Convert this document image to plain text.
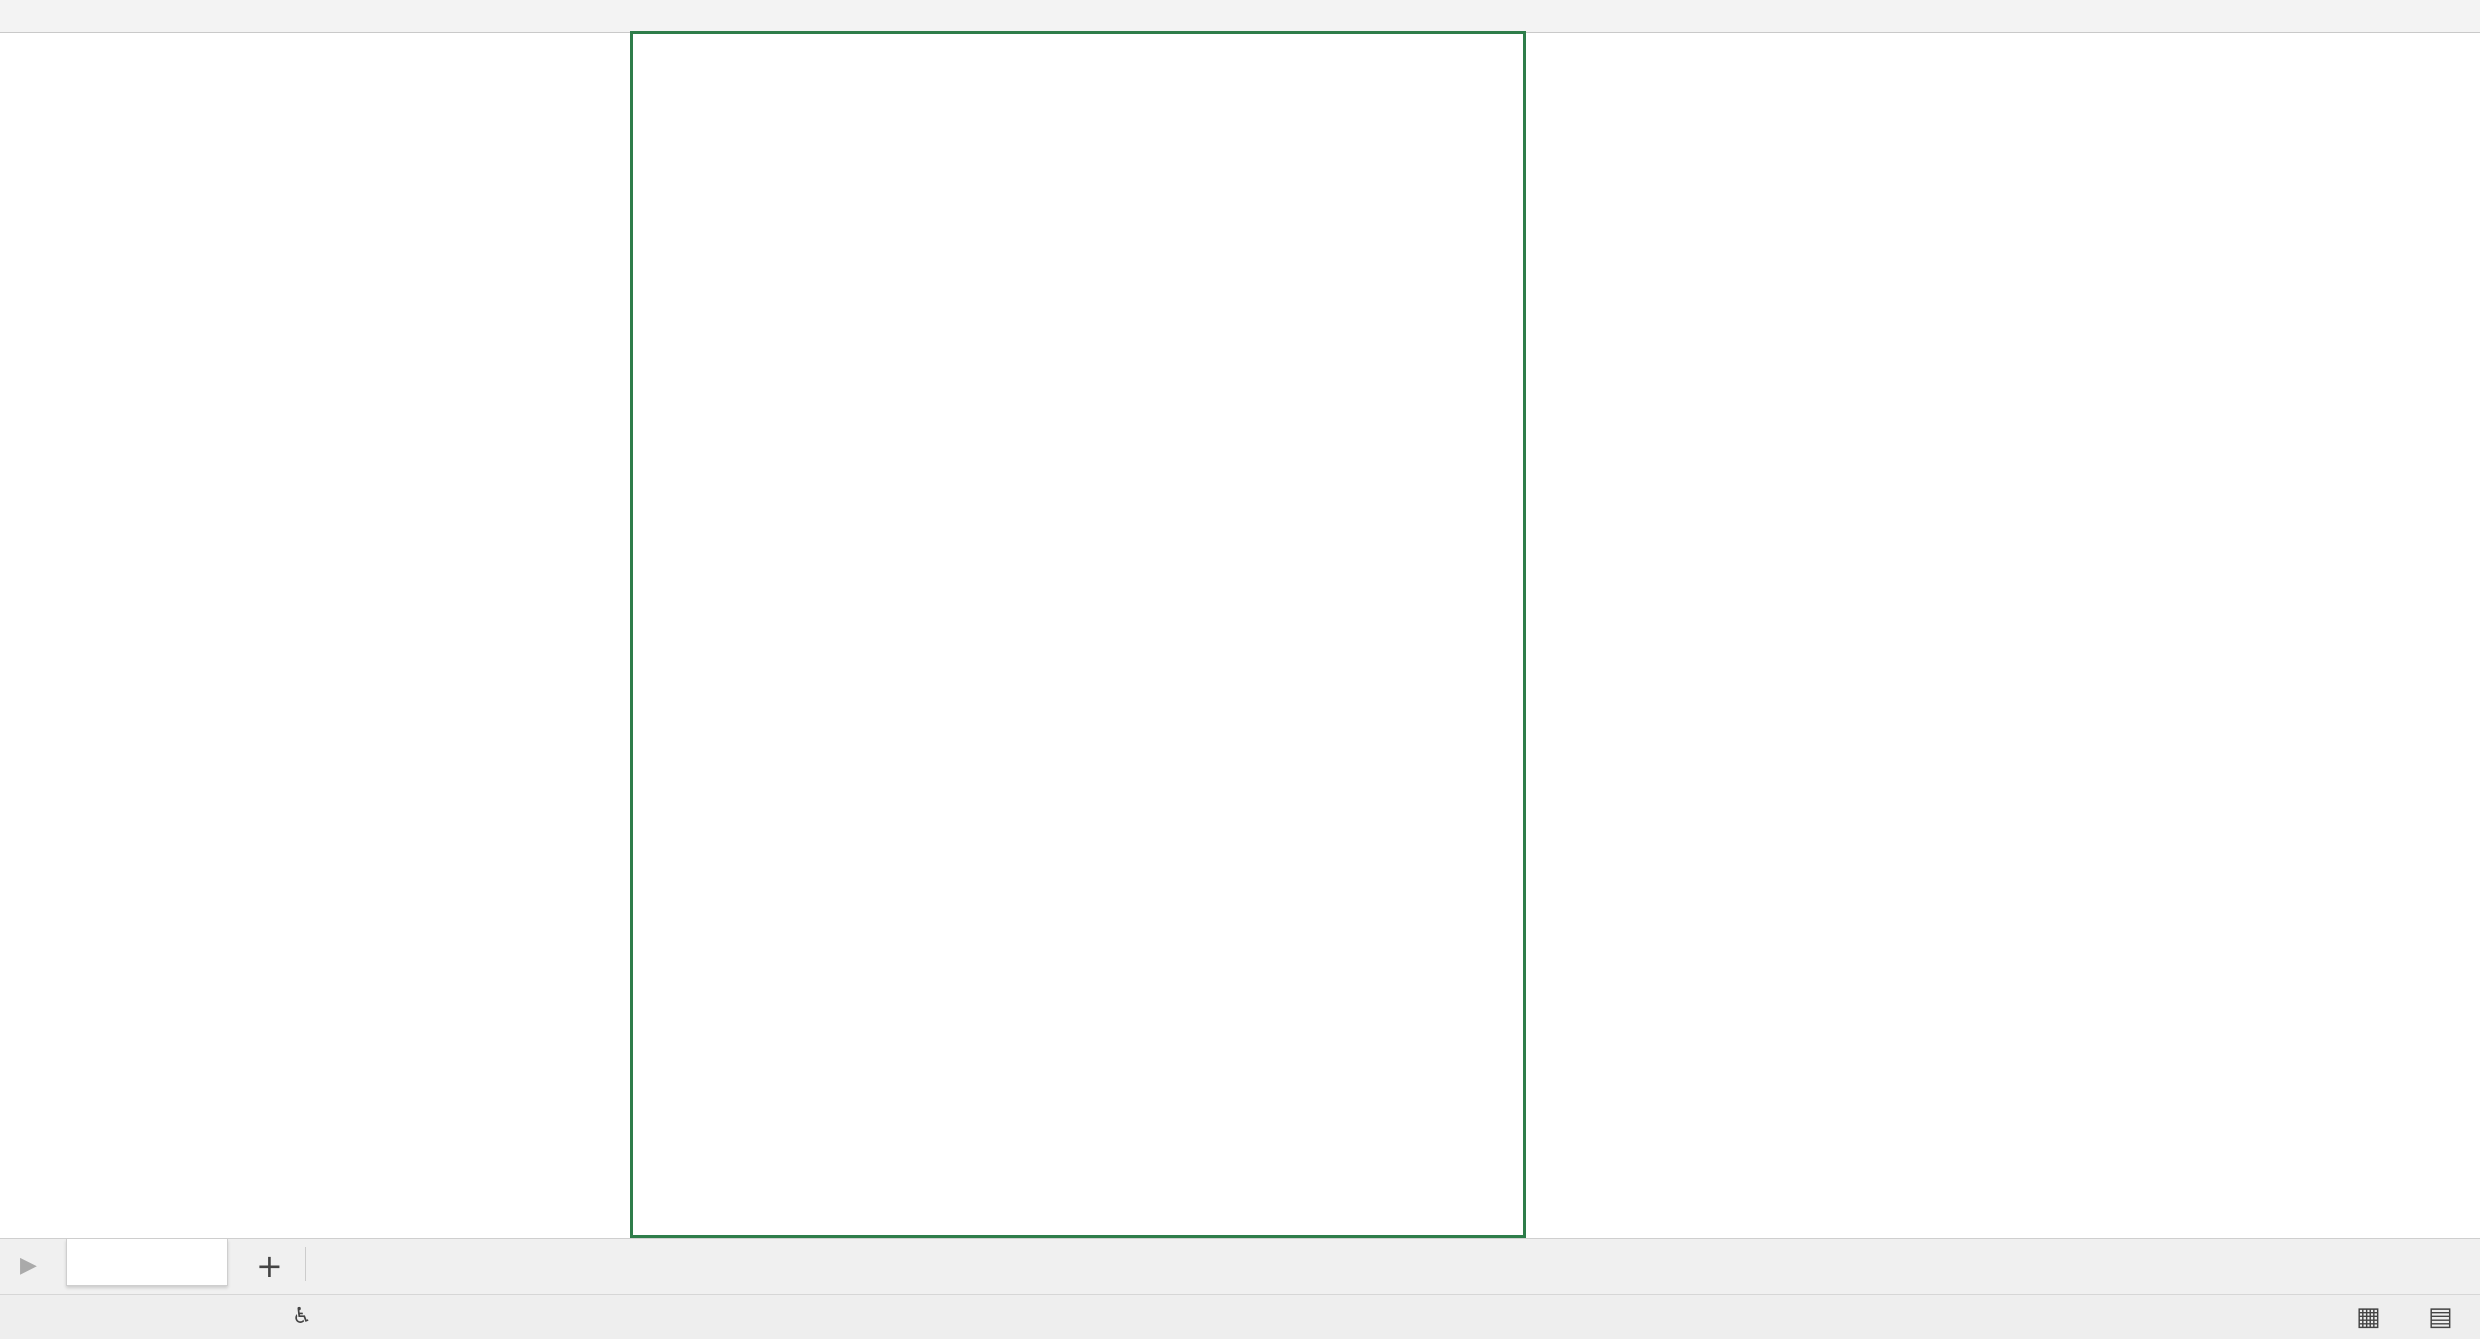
▶	+
♿︎	▦ ▤
